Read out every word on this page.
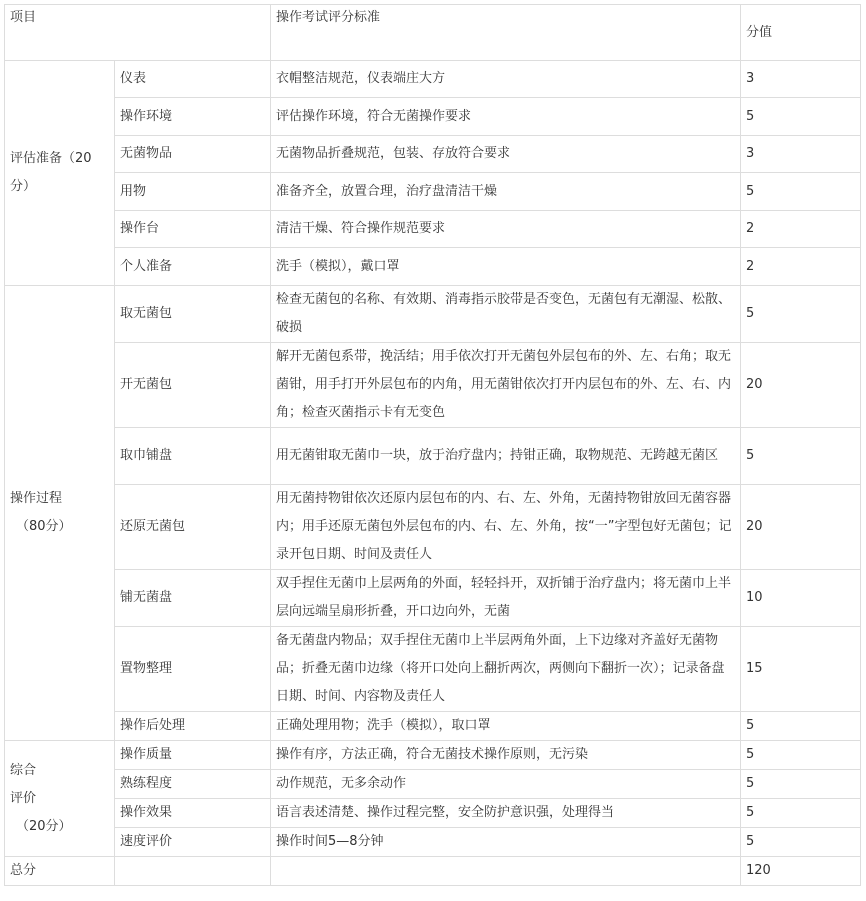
项目		操作考试评分标准	分值

评估准备（20
分）	仪表	衣帽整洁规范，仪表端庄大方	3
	操作环境	评估操作环境，符合无菌操作要求	5
	无菌物品	无菌物品折叠规范，包装、存放符合要求	3
	用物	准备齐全，放置合理，治疗盘清洁干燥	5
	操作台	清洁干燥、符合操作规范要求	2
	个人准备	洗手（模拟），戴口罩	2

操作过程
（80分）	取无菌包	检查无菌包的名称、有效期、消毒指示胶带是否变色，无菌包有无潮湿、松散、破损	5
	开无菌包	解开无菌包系带，挽活结；用手依次打开无菌包外层包布的外、左、右角；取无菌钳，用手打开外层包布的内角，用无菌钳依次打开内层包布的外、左、右、内角；检查灭菌指示卡有无变色	20
	取巾铺盘	用无菌钳取无菌巾一块，放于治疗盘内；持钳正确，取物规范、无跨越无菌区	5
	还原无菌包	用无菌持物钳依次还原内层包布的内、右、左、外角，无菌持物钳放回无菌容器内；用手还原无菌包外层包布的内、右、左、外角，按“一”字型包好无菌包；记录开包日期、时间及责任人	20
	铺无菌盘	双手捏住无菌巾上层两角的外面，轻轻抖开，双折铺于治疗盘内；将无菌巾上半层向远端呈扇形折叠，开口边向外，无菌	10
	置物整理	备无菌盘内物品；双手捏住无菌巾上半层两角外面，上下边缘对齐盖好无菌物品；折叠无菌巾边缘（将开口处向上翻折两次，两侧向下翻折一次）；记录备盘日期、时间、内容物及责任人	15
	操作后处理	正确处理用物；洗手（模拟），取口罩	5

综合
评价
（20分）	操作质量	操作有序，方法正确，符合无菌技术操作原则，无污染	5
	熟练程度	动作规范，无多余动作	5
	操作效果	语言表述清楚、操作过程完整，安全防护意识强，处理得当	5
	速度评价	操作时间5—8分钟	5
总分			120
